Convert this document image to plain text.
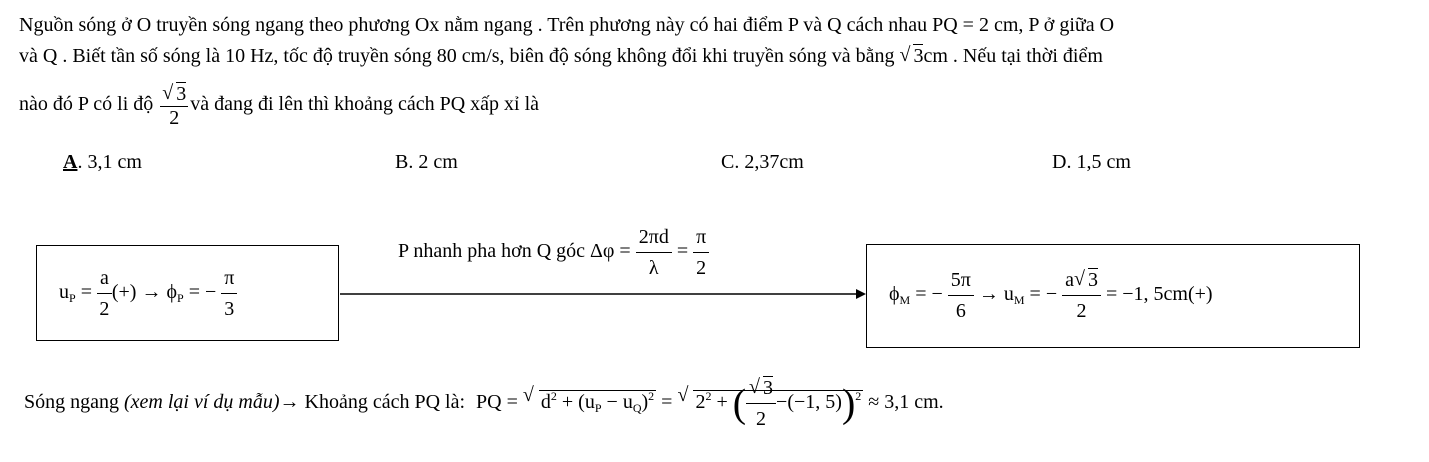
Nguồn sóng ở O truyền sóng ngang theo phương Ox nằm ngang . Trên phương này có hai điểm P và Q cách nhau PQ = 2 cm, P ở giữa O
và Q . Biết tần số sóng là 10 Hz, tốc độ truyền sóng 80 cm/s, biên độ sóng không đổi khi truyền sóng và bằng √ 3cm . Nếu tại thời điểm
nào đó P có li độ √ $\frac{3}{2}$ và đang đi lên thì khoảng cách PQ xấp xỉ là
A. 3,1 cm	B. 2 cm	C. 2,37cm	D. 1,5 cm
$u_P = \frac{a}{2}$ (+) → $\phi_P$ = − $\frac{\pi}{3}$
P nhanh pha hơn Q góc $\Delta\varphi = \frac{2\pi d}{\lambda} = \frac{\pi}{2}$
$\phi_M$ = − $\frac{5\pi}{6} \to u_M$ = − $\frac{a √ 3}{2} = -1$, 5cm(+)
Sóng ngang (xem lại ví dụ mẫu)→ Khoảng cách PQ là: PQ = √ $d^2 + (u_P - u_Q)^2$ = √ $2^2$ + ( √ $\frac{3}{2} -(-1$, 5))$^2$ ≈ 3,1 cm.
